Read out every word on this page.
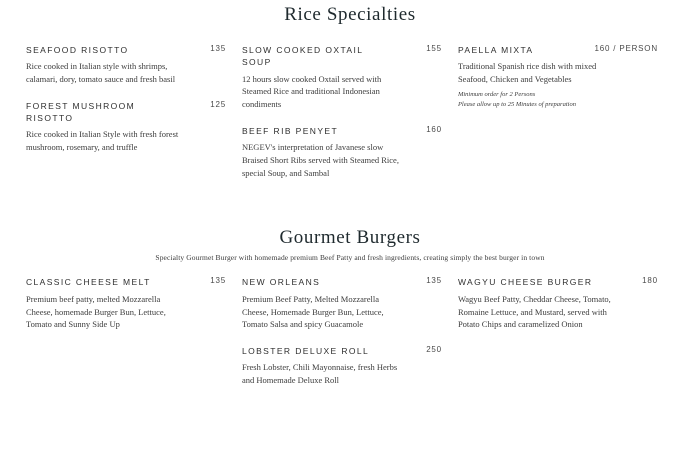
Rice Specialties
SEAFOOD RISOTTO	135
Rice cooked in Italian style with shrimps, calamari, dory, tomato sauce and fresh basil
FOREST MUSHROOM RISOTTO
125
Rice cooked in Italian Style with fresh forest mushroom, rosemary, and truffle
SLOW COOKED OXTAIL SOUP
155
12 hours slow cooked Oxtail served with Steamed Rice and traditional Indonesian condiments
BEEF RIB PENYET	160
NEGEV's interpretation of Javanese slow Braised Short Ribs served with Steamed Rice, special Soup, and Sambal
PAELLA MIXTA	160 / PERSON
Traditional Spanish rice dish with mixed Seafood, Chicken and Vegetables
Minimum order for 2 Persons
Please allow up to 25 Minutes of preparation
Gourmet Burgers

Specialty Gourmet Burger with homemade premium Beef Patty and fresh ingredients, creating simply the best burger in town

CLASSIC CHEESE MELT	135
Premium beef patty, melted Mozzarella Cheese, homemade Burger Bun, Lettuce, Tomato and Sunny Side Up
NEW ORLEANS	135
Premium Beef Patty, Melted Mozzarella Cheese, Homemade Burger Bun, Lettuce, Tomato Salsa and spicy Guacamole
LOBSTER DELUXE ROLL	250
Fresh Lobster, Chili Mayonnaise, fresh Herbs and Homemade Deluxe Roll
WAGYU CHEESE BURGER	180
Wagyu Beef Patty, Cheddar Cheese, Tomato, Romaine Lettuce, and Mustard, served with Potato Chips and caramelized Onion
